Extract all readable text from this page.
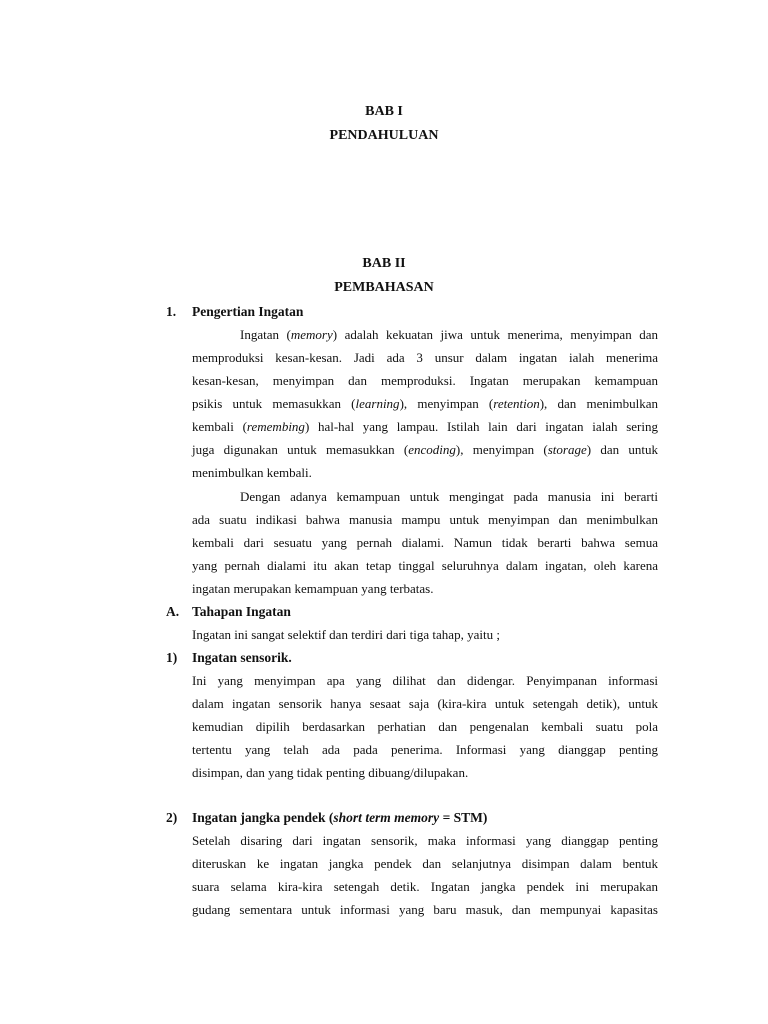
BAB I
PENDAHULUAN
BAB II
PEMBAHASAN
1. Pengertian Ingatan
Ingatan (memory) adalah kekuatan jiwa untuk menerima, menyimpan dan
memproduksi kesan-kesan. Jadi ada 3 unsur dalam ingatan ialah menerima
kesan-kesan, menyimpan dan memproduksi. Ingatan merupakan kemampuan
psikis untuk memasukkan (learning), menyimpan (retention), dan menimbulkan
kembali (remembing) hal-hal yang lampau. Istilah lain dari ingatan ialah sering
juga digunakan untuk memasukkan (encoding), menyimpan (storage) dan untuk
menimbulkan kembali.
Dengan adanya kemampuan untuk mengingat pada manusia ini berarti
ada suatu indikasi bahwa manusia mampu untuk menyimpan dan menimbulkan
kembali dari sesuatu yang pernah dialami. Namun tidak berarti bahwa semua
yang pernah dialami itu akan tetap tinggal seluruhnya dalam ingatan, oleh karena
ingatan merupakan kemampuan yang terbatas.
A. Tahapan Ingatan
Ingatan ini sangat selektif dan terdiri dari tiga tahap, yaitu ;
1) Ingatan sensorik.
Ini yang menyimpan apa yang dilihat dan didengar. Penyimpanan informasi
dalam ingatan sensorik hanya sesaat saja (kira-kira untuk setengah detik), untuk
kemudian dipilih berdasarkan perhatian dan pengenalan kembali suatu pola
tertentu yang telah ada pada penerima. Informasi yang dianggap penting
disimpan, dan yang tidak penting dibuang/dilupakan.
2) Ingatan jangka pendek (short term memory = STM)
Setelah disaring dari ingatan sensorik, maka informasi yang dianggap penting
diteruskan ke ingatan jangka pendek dan selanjutnya disimpan dalam bentuk
suara selama kira-kira setengah detik. Ingatan jangka pendek ini merupakan
gudang sementara untuk informasi yang baru masuk, dan mempunyai kapasitas
